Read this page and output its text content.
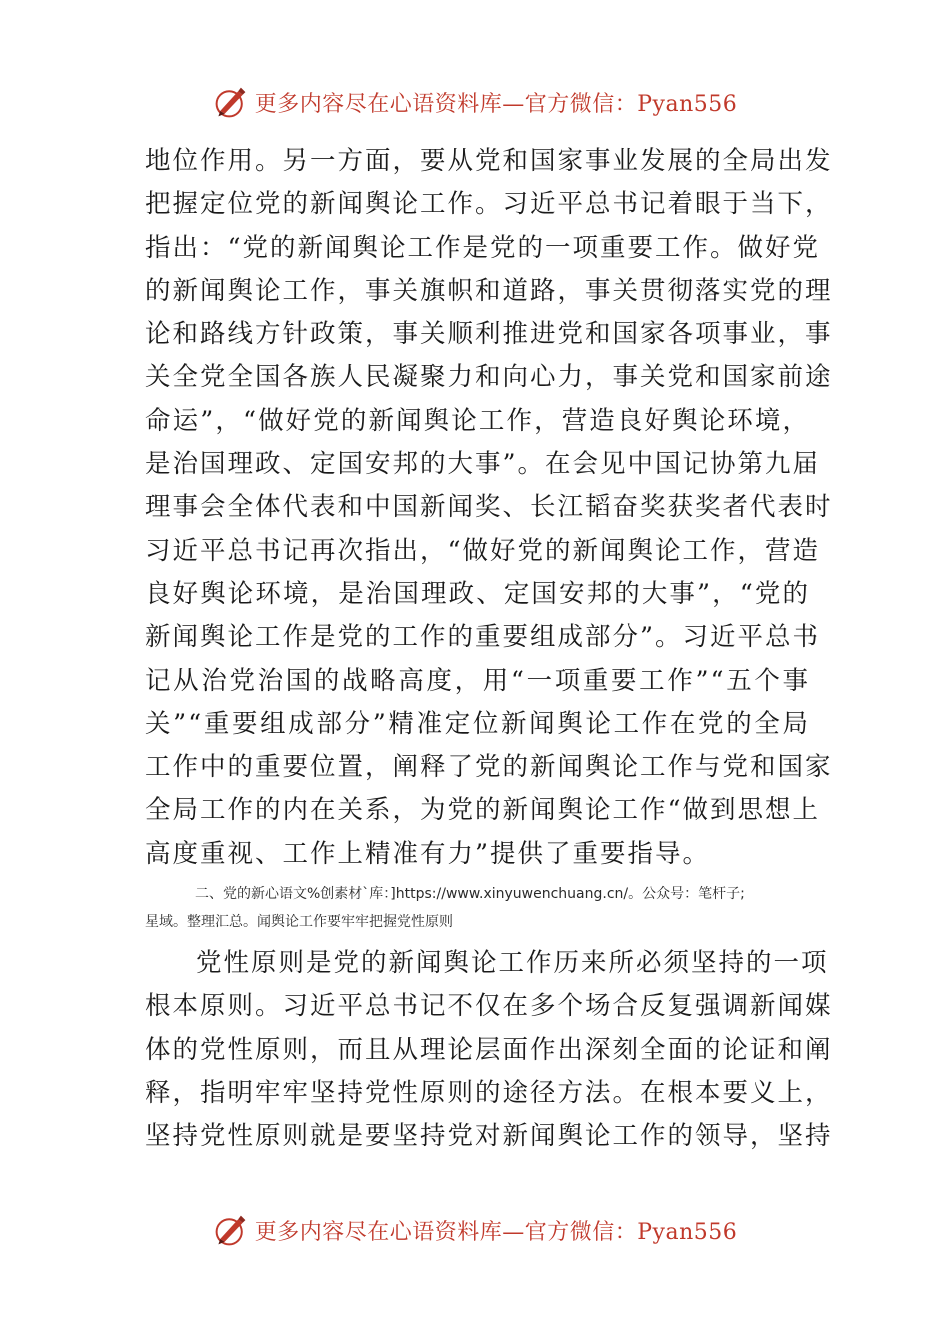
更多内容尽在心语资料库—官方微信：Pyan556
地位作用。另一方面，要从党和国家事业发展的全局出发
把握定位党的新闻舆论工作。习近平总书记着眼于当下，
指出：“党的新闻舆论工作是党的一项重要工作。做好党
的新闻舆论工作，事关旗帜和道路，事关贯彻落实党的理
论和路线方针政策，事关顺利推进党和国家各项事业，事
关全党全国各族人民凝聚力和向心力，事关党和国家前途
命运”，“做好党的新闻舆论工作，营造良好舆论环境，
是治国理政、定国安邦的大事”。在会见中国记协第九届
理事会全体代表和中国新闻奖、长江韬奋奖获奖者代表时
习近平总书记再次指出，“做好党的新闻舆论工作，营造
良好舆论环境，是治国理政、定国安邦的大事”，“党的
新闻舆论工作是党的工作的重要组成部分”。习近平总书
记从治党治国的战略高度，用“一项重要工作”“五个事
关”“重要组成部分”精准定位新闻舆论工作在党的全局
工作中的重要位置，阐释了党的新闻舆论工作与党和国家
全局工作的内在关系，为党的新闻舆论工作“做到思想上
高度重视、工作上精准有力”提供了重要指导。
二、党的新心语文%创素材`库：]https://www.xinyuwenchuang.cn/。公众号：笔杆子;
星域。整理汇总。闻舆论工作要牢牢把握党性原则
党性原则是党的新闻舆论工作历来所必须坚持的一项
根本原则。习近平总书记不仅在多个场合反复强调新闻媒
体的党性原则，而且从理论层面作出深刻全面的论证和阐
释，指明牢牢坚持党性原则的途径方法。在根本要义上，
坚持党性原则就是要坚持党对新闻舆论工作的领导，坚持
更多内容尽在心语资料库—官方微信：Pyan556
